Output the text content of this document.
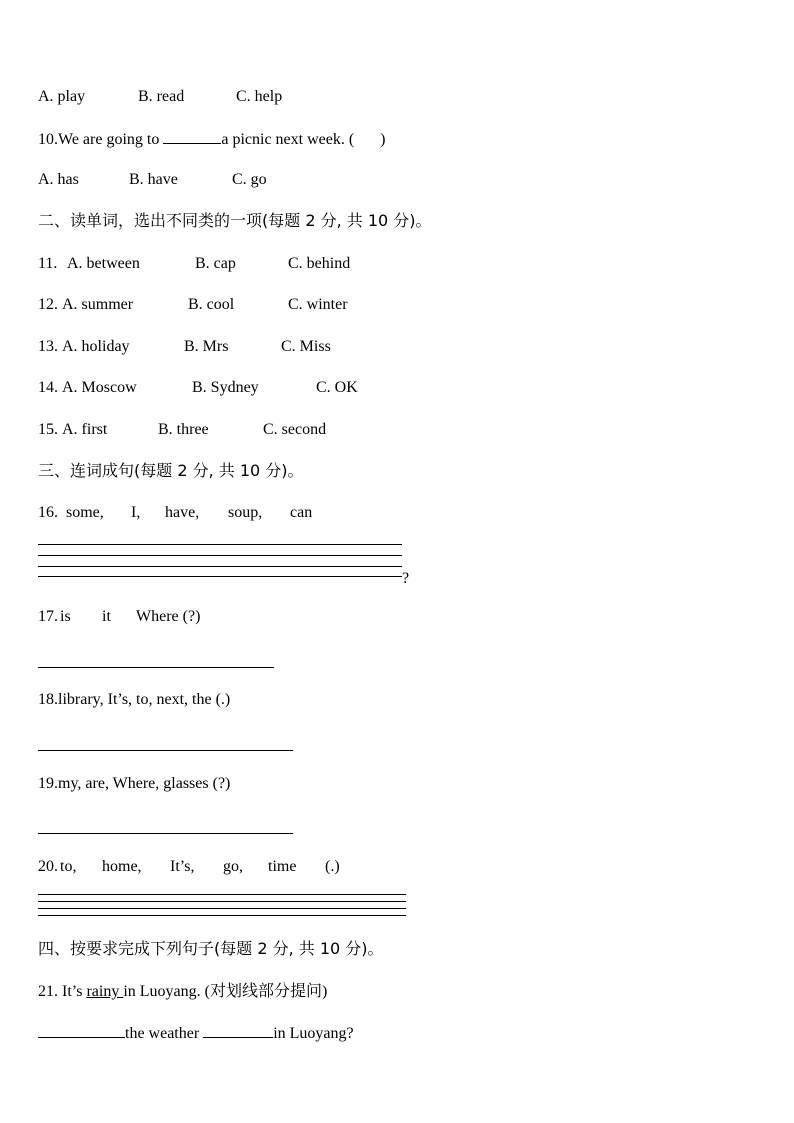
A. play

	B. read

	C. help

10.We are going to	a picnic next week. ( )

A. has

	B. have

	C. go

二、读单词，选出不同类的一项(每题 2 分, 共 10 分)。

11.

A. between

	B. cap

	C. behind

12.

A. summer

	B. cool

	C. winter

13.

A. holiday

	B. Mrs

	C. Miss

14.

A. Moscow

	B. Sydney

	C. OK

15.

A. first

	B. three

	C. second

三、连词成句(每题 2 分, 共 10 分)。

16.

some,

I,

have,

soup,

can

?

17.

is

it

Where (?)

18.library, It’s, to, next, the (.)
19.my, are, Where, glasses (?)

20.

to,

home,

It’s,

go,

time

(.)

四、按要求完成下列句子(每题 2 分, 共 10 分)。
21. It’s rainy in Luoyang. (对划线部分提问)
the weather	in Luoyang?
